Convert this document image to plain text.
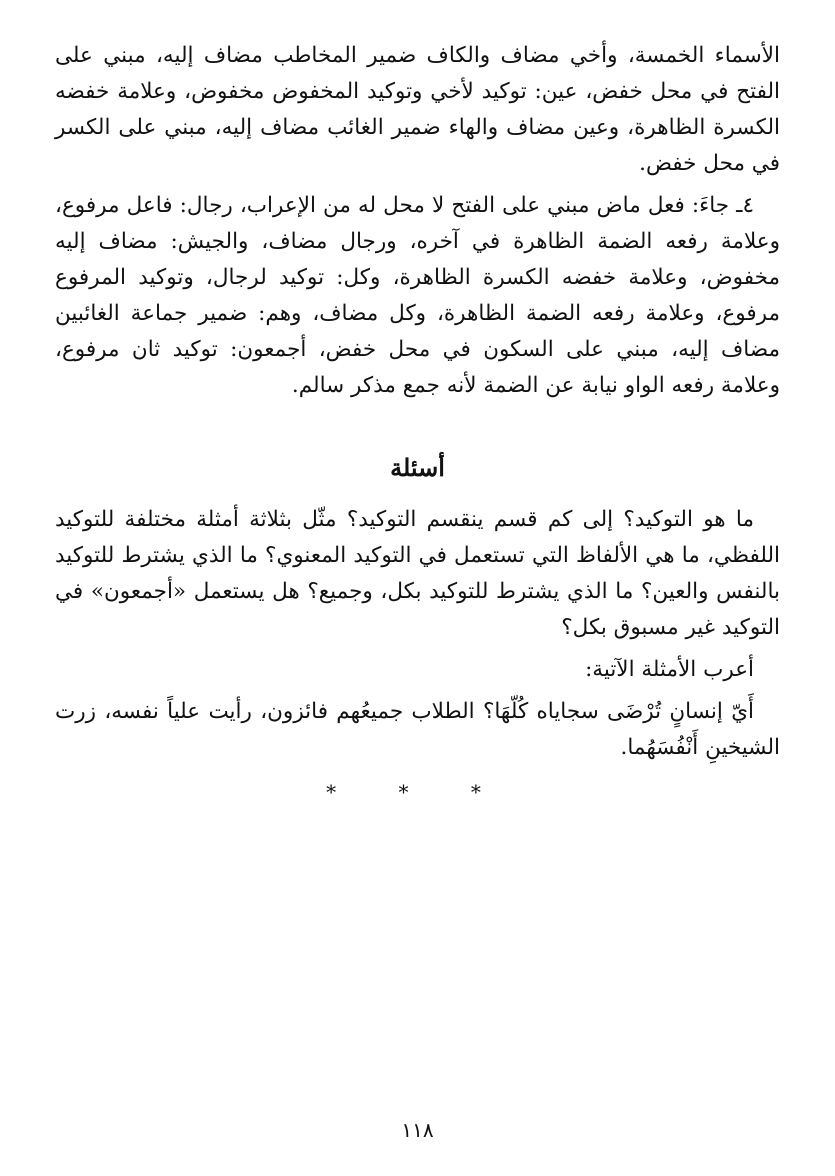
الأسماء الخمسة، وأخي مضاف والكاف ضمير المخاطب مضاف إليه، مبني على الفتح في محل خفض، عين: توكيد لأخي وتوكيد المخفوض مخفوض، وعلامة خفضه الكسرة الظاهرة، وعين مضاف والهاء ضمير الغائب مضاف إليه، مبني على الكسر في محل خفض.

٤ـ جاءَ: فعل ماض مبني على الفتح لا محل له من الإعراب، رجال: فاعل مرفوع، وعلامة رفعه الضمة الظاهرة في آخره، ورجال مضاف، والجيش: مضاف إليه مخفوض، وعلامة خفضه الكسرة الظاهرة، وكل: توكيد لرجال، وتوكيد المرفوع مرفوع، وعلامة رفعه الضمة الظاهرة، وكل مضاف، وهم: ضمير جماعة الغائبين مضاف إليه، مبني على السكون في محل خفض، أجمعون: توكيد ثان مرفوع، وعلامة رفعه الواو نيابة عن الضمة لأنه جمع مذكر سالم.

أسئلة

ما هو التوكيد؟ إلى كم قسم ينقسم التوكيد؟ مثّل بثلاثة أمثلة مختلفة للتوكيد اللفظي، ما هي الألفاظ التي تستعمل في التوكيد المعنوي؟ ما الذي يشترط للتوكيد بالنفس والعين؟ ما الذي يشترط للتوكيد بكل، وجميع؟ هل يستعمل «أجمعون» في التوكيد غير مسبوق بكل؟

أعرب الأمثلة الآتية:

أَيّ إنسانٍ تُرْضَى سجاياه كُلّهَا؟ الطلاب جميعُهم فائزون، رأيت علياً نفسه، زرت الشيخينِ أَنْفُسَهُما.

* * *
١١٨
